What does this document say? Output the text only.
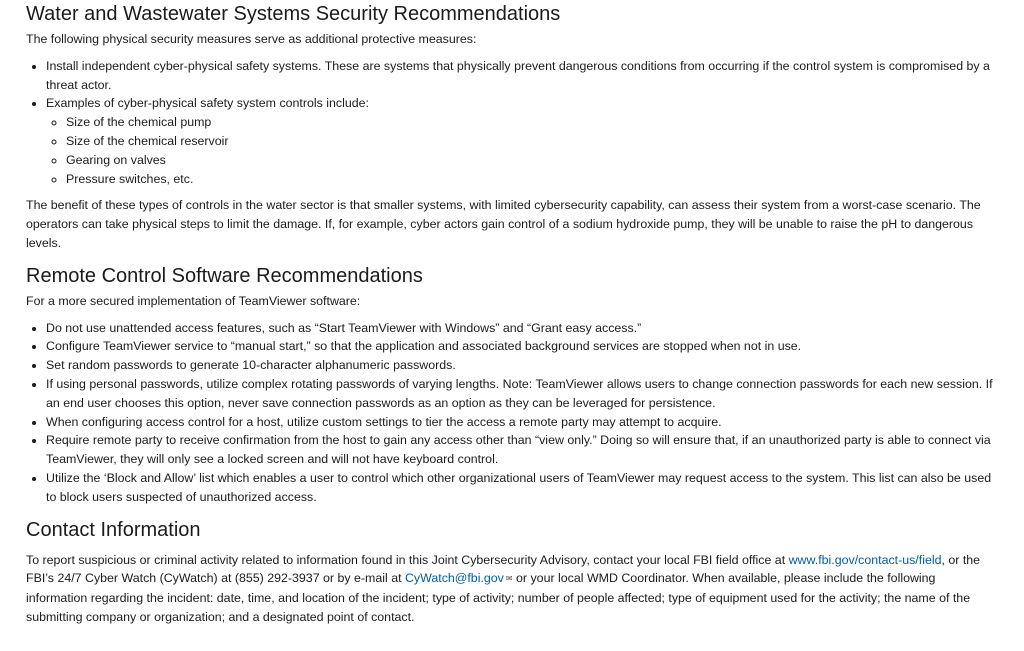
Water and Wastewater Systems Security Recommendations

The following physical security measures serve as additional protective measures:

• Install independent cyber-physical safety systems. These are systems that physically prevent dangerous conditions from occurring if the control system is compromised by a threat actor.
• Examples of cyber-physical safety system controls include:
◦ Size of the chemical pump
◦ Size of the chemical reservoir
◦ Gearing on valves
◦ Pressure switches, etc.

The benefit of these types of controls in the water sector is that smaller systems, with limited cybersecurity capability, can assess their system from a worst-case scenario. The operators can take physical steps to limit the damage. If, for example, cyber actors gain control of a sodium hydroxide pump, they will be unable to raise the pH to dangerous levels.

Remote Control Software Recommendations

For a more secured implementation of TeamViewer software:

• Do not use unattended access features, such as “Start TeamViewer with Windows” and “Grant easy access.”
• Configure TeamViewer service to “manual start,” so that the application and associated background services are stopped when not in use.
• Set random passwords to generate 10-character alphanumeric passwords.
• If using personal passwords, utilize complex rotating passwords of varying lengths. Note: TeamViewer allows users to change connection passwords for each new session. If an end user chooses this option, never save connection passwords as an option as they can be leveraged for persistence.
• When configuring access control for a host, utilize custom settings to tier the access a remote party may attempt to acquire.
• Require remote party to receive confirmation from the host to gain any access other than “view only.” Doing so will ensure that, if an unauthorized party is able to connect via TeamViewer, they will only see a locked screen and will not have keyboard control.
• Utilize the ‘Block and Allow’ list which enables a user to control which other organizational users of TeamViewer may request access to the system. This list can also be used to block users suspected of unauthorized access.
Contact Information

To report suspicious or criminal activity related to information found in this Joint Cybersecurity Advisory, contact your local FBI field office at www.fbi.gov/contact-us/field, or the FBI’s 24/7 Cyber Watch (CyWatch) at (855) 292-3937 or by e-mail at CyWatch@fbi.gov ✉ or your local WMD Coordinator. When available, please include the following information regarding the incident: date, time, and location of the incident; type of activity; number of people affected; type of equipment used for the activity; the name of the submitting company or organization; and a designated point of contact.
